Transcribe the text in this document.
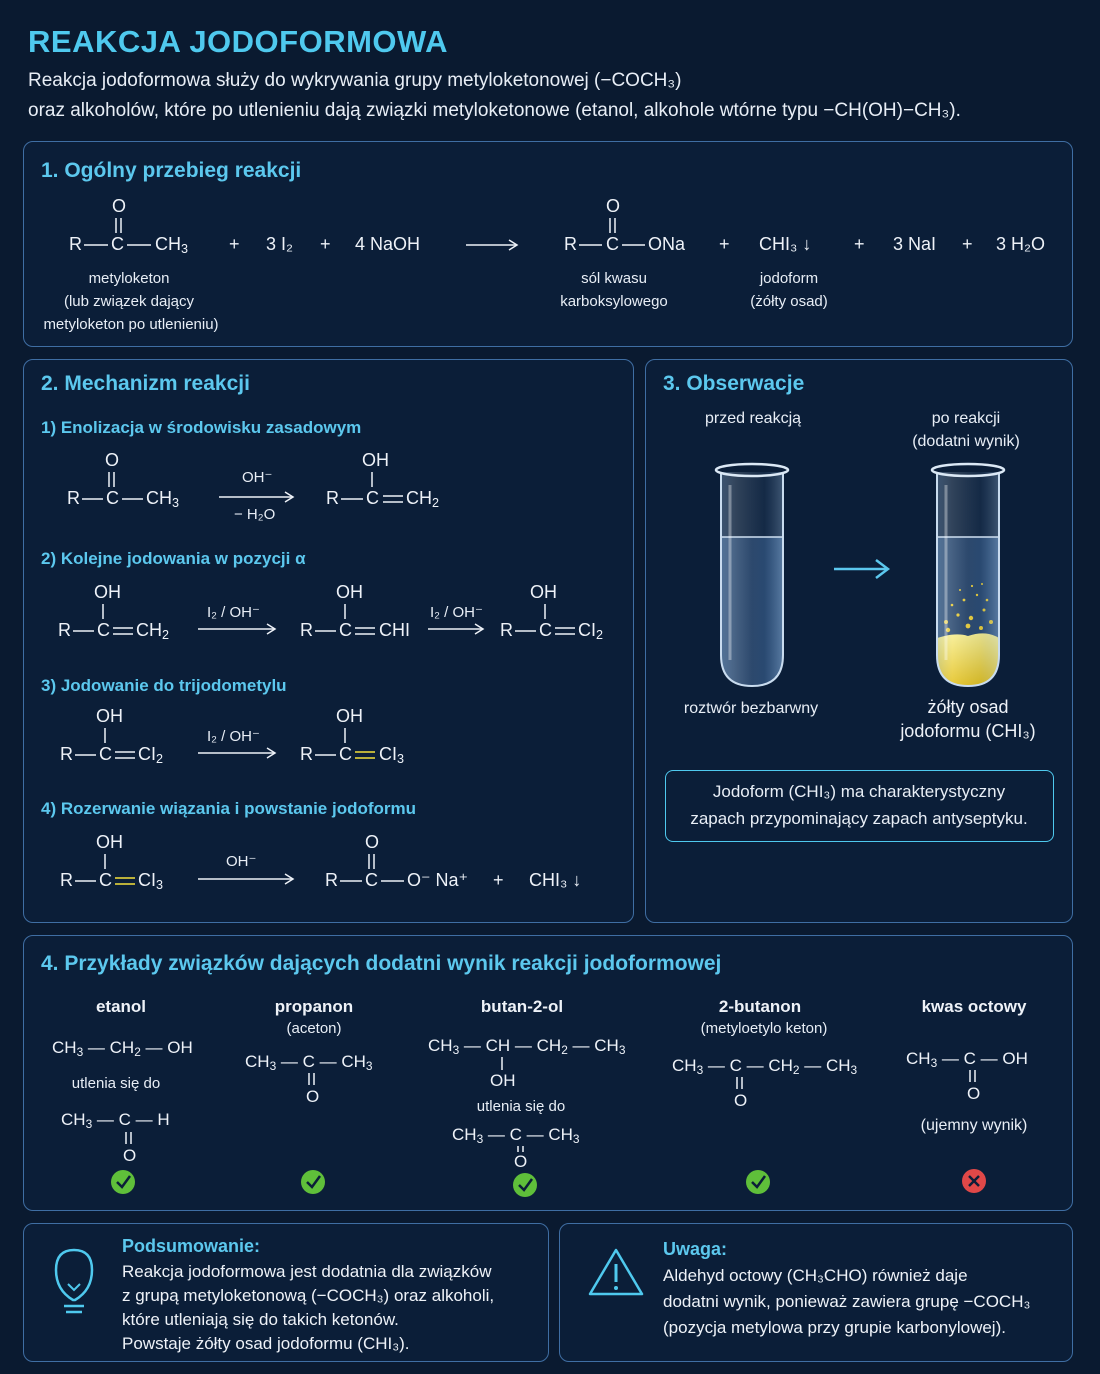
REAKCJA JODOFORMOWA
Reakcja jodoformowa służy do wykrywania grupy metyloketonowej (−COCH₃)
oraz alkoholów, które po utlenieniu dają związki metyloketonowe (etanol, alkohole wtórne typu −CH(OH)−CH₃).
1. Ogólny przebieg reakcji
R C
O
$CH_3$
metyloketon
(lub związek dający
metyloketon po utlenieniu)
+ 3 I₂ + 4 NaOH	R C
O
ONa
sól kwasu
karboksylowego
+ CHI₃ ↓
jodoform
(żółty osad)
+ 3 NaI + 3 H₂O
2. Mechanizm reakcji
1) Enolizacja w środowisku zasadowym
R C
O
$CH_3$
OH⁻
− H₂O
R C
OH
$CH_2$
2) Kolejne jodowania w pozycji α
R C
OH
$CH_2$
I₂ / OH⁻
R C
OH
CHI
I₂ / OH⁻
R C
OH
$CI_2$
3) Jodowanie do trijodometylu
R C
OH
$CI_2$
I₂ / OH⁻
R C
OH
$CI_3$
4) Rozerwanie wiązania i powstanie jodoformu
R C
OH
$CI_3$
OH⁻
R C
O
O⁻ Na⁺ + CHI₃ ↓
3. Obserwacje
przed reakcją	po reakcji
(dodatni wynik)
roztwór bezbarwny	żółty osad
jodoformu (CHI₃)
Jodoform (CHI₃) ma charakterystyczny
zapach przypominający zapach antyseptyku.
4. Przykłady związków dających dodatni wynik reakcji jodoformowej
etanol
$CH_3$ — $CH_2$ — OH
utlenia się do
$CH_3$ — C — H
O
propanon
(aceton)
$CH_3$ — C — $CH_3$
O
butan-2-ol
$CH_3$ — CH — $CH_2$ — $CH_3$
OH
utlenia się do
$CH_3$ — C — $CH_3$
O
2-butanon
(metyloetylo keton)
$CH_3$ — C — $CH_2$ — $CH_3$
O
kwas octowy
$CH_3$ — C — OH
O
(ujemny wynik)
Podsumowanie:
Reakcja jodoformowa jest dodatnia dla związków
z grupą metyloketonową (−COCH₃) oraz alkoholi,
które utleniają się do takich ketonów.
Powstaje żółty osad jodoformu (CHI₃).
Uwaga:
Aldehyd octowy (CH₃CHO) również daje
dodatni wynik, ponieważ zawiera grupę −COCH₃
(pozycja metylowa przy grupie karbonylowej).
